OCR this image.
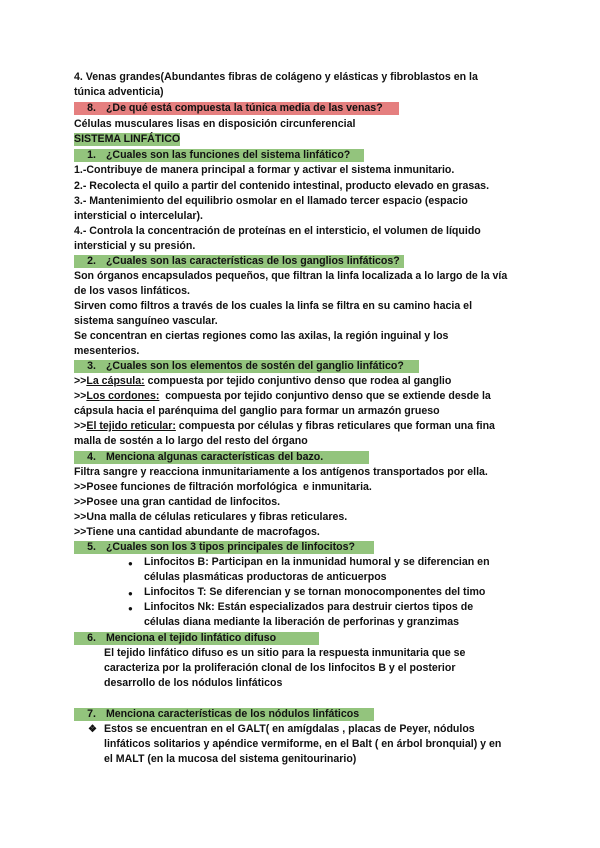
4. Venas grandes(Abundantes fibras de colágeno y elásticas y fibroblastos en la
túnica adventicia)
8. ¿De qué está compuesta la túnica media de las venas?
Células musculares lisas en disposición circunferencial
SISTEMA LINFÁTICO
1. ¿Cuales son las funciones del sistema linfático?
1.-Contribuye de manera principal a formar y activar el sistema inmunitario.
2.- Recolecta el quilo a partir del contenido intestinal, producto elevado en grasas.
3.- Mantenimiento del equilibrio osmolar en el llamado tercer espacio (espacio
intersticial o intercelular).
4.- Controla la concentración de proteínas en el intersticio, el volumen de líquido
intersticial y su presión.
2. ¿Cuales son las características de los ganglios linfáticos?
Son órganos encapsulados pequeños, que filtran la linfa localizada a lo largo de la vía
de los vasos linfáticos.
Sirven como filtros a través de los cuales la linfa se filtra en su camino hacia el
sistema sanguíneo vascular.
Se concentran en ciertas regiones como las axilas, la región inguinal y los
mesenterios.
3. ¿Cuales son los elementos de sostén del ganglio linfático?
>>La cápsula: compuesta por tejido conjuntivo denso que rodea al ganglio
>>Los cordones:  compuesta por tejido conjuntivo denso que se extiende desde la
cápsula hacia el parénquima del ganglio para formar un armazón grueso
>>El tejido reticular: compuesta por células y fibras reticulares que forman una fina
malla de sostén a lo largo del resto del órgano
4. Menciona algunas características del bazo.
Filtra sangre y reacciona inmunitariamente a los antígenos transportados por ella.
>>Posee funciones de filtración morfológica  e inmunitaria.
>>Posee una gran cantidad de linfocitos.
>>Una malla de células reticulares y fibras reticulares.
>>Tiene una cantidad abundante de macrofagos.
5. ¿Cuales son los 3 tipos principales de linfocitos?
● Linfocitos B: Participan en la inmunidad humoral y se diferencian en
células plasmáticas productoras de anticuerpos
● Linfocitos T: Se diferencian y se tornan monocomponentes del timo
● Linfocitos Nk: Están especializados para destruir ciertos tipos de
células diana mediante la liberación de perforinas y granzimas
6. Menciona el tejido linfático difuso
El tejido linfático difuso es un sitio para la respuesta inmunitaria que se
caracteriza por la proliferación clonal de los linfocitos B y el posterior
desarrollo de los nódulos linfáticos
7. Menciona características de los nódulos linfáticos
❖ Estos se encuentran en el GALT( en amígdalas , placas de Peyer, nódulos
linfáticos solitarios y apéndice vermiforme, en el Balt ( en árbol bronquial) y en
el MALT (en la mucosa del sistema genitourinario)
